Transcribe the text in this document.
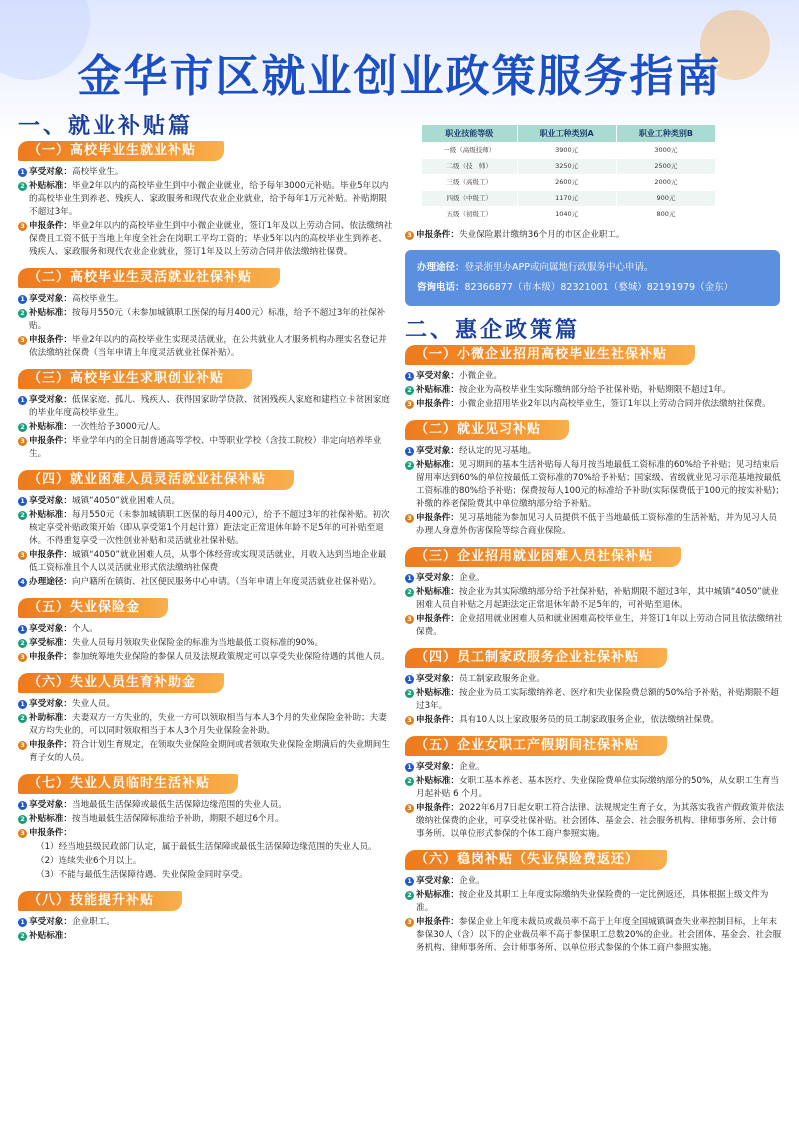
金华市区就业创业政策服务指南
一、就业补贴篇
（一）高校毕业生就业补贴
1 享受对象：高校毕业生。
2 补贴标准：毕业2年以内的高校毕业生到中小微企业就业，给予每年3000元补贴。毕业5年以内的高校毕业生到养老、残疾人、家政服务和现代农业企业就业，给予每年1万元补贴。补贴期限不超过3年。
3 申报条件：毕业2年以内的高校毕业生到中小微企业就业，签订1年及以上劳动合同、依法缴纳社保费且工资不低于当地上年度全社会在岗职工平均工资的；毕业5年以内的高校毕业生到养老、残疾人、家政服务和现代农业企业就业，签订1年及以上劳动合同并依法缴纳社保费。
（二）高校毕业生灵活就业社保补贴
1 享受对象：高校毕业生。
2 补贴标准：按每月550元（未参加城镇职工医保的每月400元）标准，给予不超过3年的社保补贴。
3 申报条件：毕业2年以内的高校毕业生实现灵活就业，在公共就业人才服务机构办理实名登记并依法缴纳社保费（当年申请上年度灵活就业社保补贴）。
（三）高校毕业生求职创业补贴
1 享受对象：低保家庭、孤儿、残疾人、获得国家助学贷款、贫困残疾人家庭和建档立卡贫困家庭的毕业年度高校毕业生。
2 补贴标准：一次性给予3000元/人。
3 申报条件：毕业学年内的全日制普通高等学校、中等职业学校（含技工院校）非定向培养毕业生。
（四）就业困难人员灵活就业社保补贴
1 享受对象：城镇“4050”就业困难人员。
2 补贴标准：每月550元（未参加城镇职工医保的每月400元），给予不超过3年的社保补贴。初次核定享受补贴政策开始（即从享受第1个月起计算）距法定正常退休年龄不足5年的可补贴至退休。不得重复享受一次性创业补贴和灵活就业社保补贴。
3 申报条件：城镇“4050”就业困难人员，从事个体经营或实现灵活就业，月收入达到当地企业最低工资标准且个人以灵活就业形式依法缴纳社保费
4 办理途径：向户籍所在镇街、社区便民服务中心申请。（当年申请上年度灵活就业社保补贴）。
（五）失业保险金
1 享受对象：个人。
2 享受标准：失业人员每月领取失业保险金的标准为当地最低工资标准的90%。
3 申报条件：参加统筹地失业保险的参保人员及法规政策规定可以享受失业保险待遇的其他人员。
（六）失业人员生育补助金
1 享受对象：失业人员。
2 补助标准：夫妻双方一方失业的，失业一方可以领取相当与本人3个月的失业保险金补助；夫妻双方均失业的，可以同时领取相当于本人3个月失业保险金补助。
3 申报条件：符合计划生育规定，在领取失业保险金期间或者领取失业保险金期满后的失业期间生育子女的人员。
（七）失业人员临时生活补贴
1 享受对象：当地最低生活保障或最低生活保障边缘范围的失业人员。
2 补贴标准：按当地最低生活保障标准给予补助，期限不超过6个月。
3 申报条件：
（1）经当地县级民政部门认定，属于最低生活保障或最低生活保障边缘范围的失业人员。
（2）连续失业6个月以上。
（3）不能与最低生活保障待遇、失业保险金同时享受。
（八）技能提升补贴
1 享受对象：企业职工。
2 补贴标准：
职业技能等级	职业工种类别A	职业工种类别B
一级（高级技师）	3900元	3000元
二级（技　师）	3250元	2500元
三级（高级工）	2600元	2000元
四级（中级工）	1170元	900元
五级（初级工）	1040元	800元
3 申报条件：失业保险累计缴纳36个月的市区企业职工。
办理途径：登录浙里办APP或向属地行政服务中心申请。
咨询电话：82366877（市本级）82321001（婺城）82191979（金东）
二、惠企政策篇
（一）小微企业招用高校毕业生社保补贴
1 享受对象：小微企业。
2 补贴标准：按企业为高校毕业生实际缴纳部分给予社保补贴，补贴期限不超过1年。
3 申报条件：小微企业招用毕业2年以内高校毕业生，签订1年以上劳动合同并依法缴纳社保费。
（二）就业见习补贴
1 享受对象：经认定的见习基地。
2 补贴标准：见习期间的基本生活补贴每人每月按当地最低工资标准的60%给予补贴；见习结束后留用率达到60%的单位按最低工资标准的70%给予补贴；国家级、省级就业见习示范基地按最低工资标准的80%给予补贴；保费按每人100元的标准给予补助(实际保费低于100元的按实补贴)；补缴的养老保险费其中单位缴纳部分给予补贴。
3 申报条件：见习基地能为参加见习人员提供不低于当地最低工资标准的生活补贴，并为见习人员办理人身意外伤害保险等综合商业保险。
（三）企业招用就业困难人员社保补贴
1 享受对象：企业。
2 补贴标准：按企业为其实际缴纳部分给予社保补贴，补贴期限不超过3年，其中城镇“4050”就业困难人员自补贴之月起距法定正常退休年龄不足5年的，可补贴至退休。
3 申报条件：企业招用就业困难人员和就业困难高校毕业生，并签订1年以上劳动合同且依法缴纳社保费。
（四）员工制家政服务企业社保补贴
1 享受对象：员工制家政服务企业。
2 补贴标准：按企业为员工实际缴纳养老、医疗和失业保险费总额的50%给予补贴，补贴期限不超过3年。
3 申报条件：具有10人以上家政服务员的员工制家政服务企业，依法缴纳社保费。
（五）企业女职工产假期间社保补贴
1 享受对象：企业。
2 补贴标准：女职工基本养老、基本医疗、失业保险费单位实际缴纳部分的50%，从女职工生育当月起补贴 6 个月。
3 申报条件：2022年6月7日起女职工符合法律、法规规定生育子女，为其落实我省产假政策并依法缴纳社保费的企业，可享受社保补贴。社会团体、基金会、社会服务机构、律师事务所、会计师事务所、以单位形式参保的个体工商户参照实施。
（六）稳岗补贴（失业保险费返还）
1 享受对象：企业。
2 补贴标准：按企业及其职工上年度实际缴纳失业保险费的一定比例返还，具体根据上级文件为准。
3 申报条件：参保企业上年度未裁员或裁员率不高于上年度全国城镇调查失业率控制目标，上年末参保30人（含）以下的企业裁员率不高于参保职工总数20%的企业。社会团体、基金会、社会服务机构、律师事务所、会计师事务所、以单位形式参保的个体工商户参照实施。
